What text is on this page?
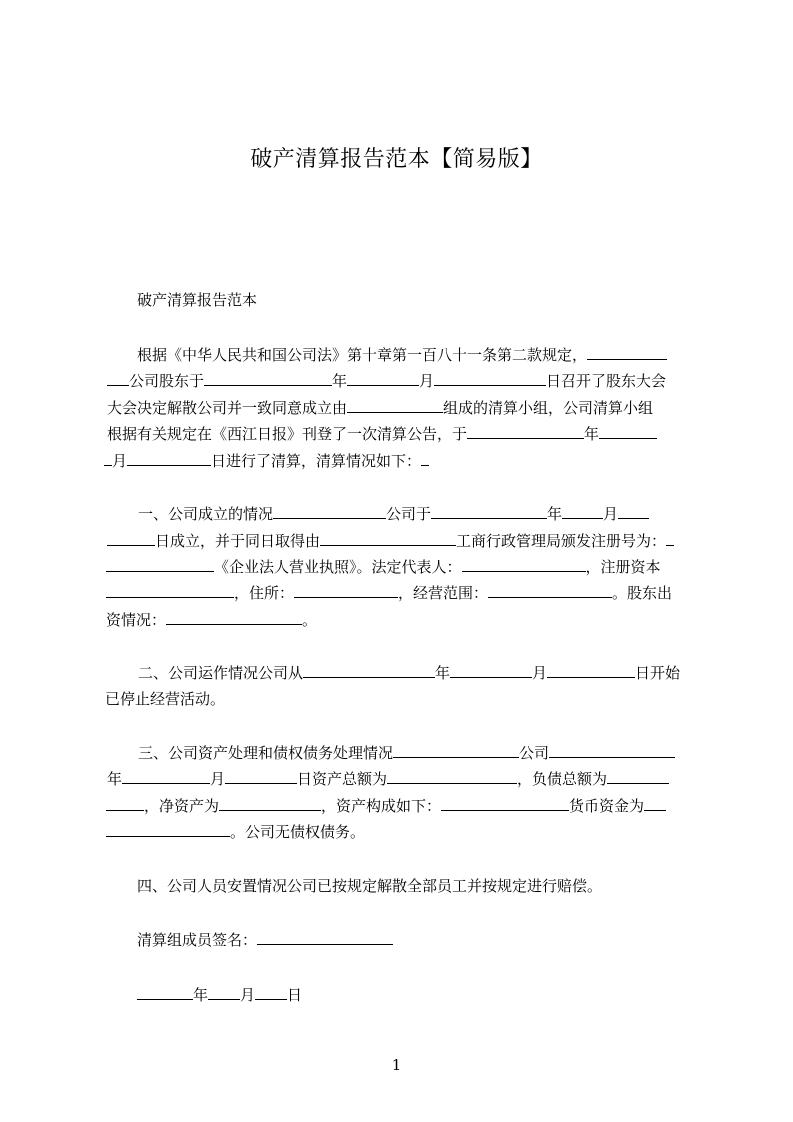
破产清算报告范本【简易版】
破产清算报告范本
根据《中华人民共和国公司法》第十章第一百八十一条第二款规定，
公司股东于	年	月	日召开了股东大会
大会决定解散公司并一致同意成立由	组成的清算小组，公司清算小组
根据有关规定在《西江日报》刊登了一次清算公告，于	年
月	日进行了清算，清算情况如下：
一、公司成立的情况	公司于	年	月
日成立，并于同日取得由	工商行政管理局颁发注册号为：
《企业法人营业执照》。法定代表人：	，注册资本
，住所：	，经营范围：	。股东出
资情况：	。
二、公司运作情况公司从	年	月	日开始
已停止经营活动。
三、公司资产处理和债权债务处理情况	公司
年	月	日资产总额为	，负债总额为
，净资产为	，资产构成如下：	货币资金为
。公司无债权债务。
四、公司人员安置情况公司已按规定解散全部员工并按规定进行赔偿。
清算组成员签名：
年 月 日
1
